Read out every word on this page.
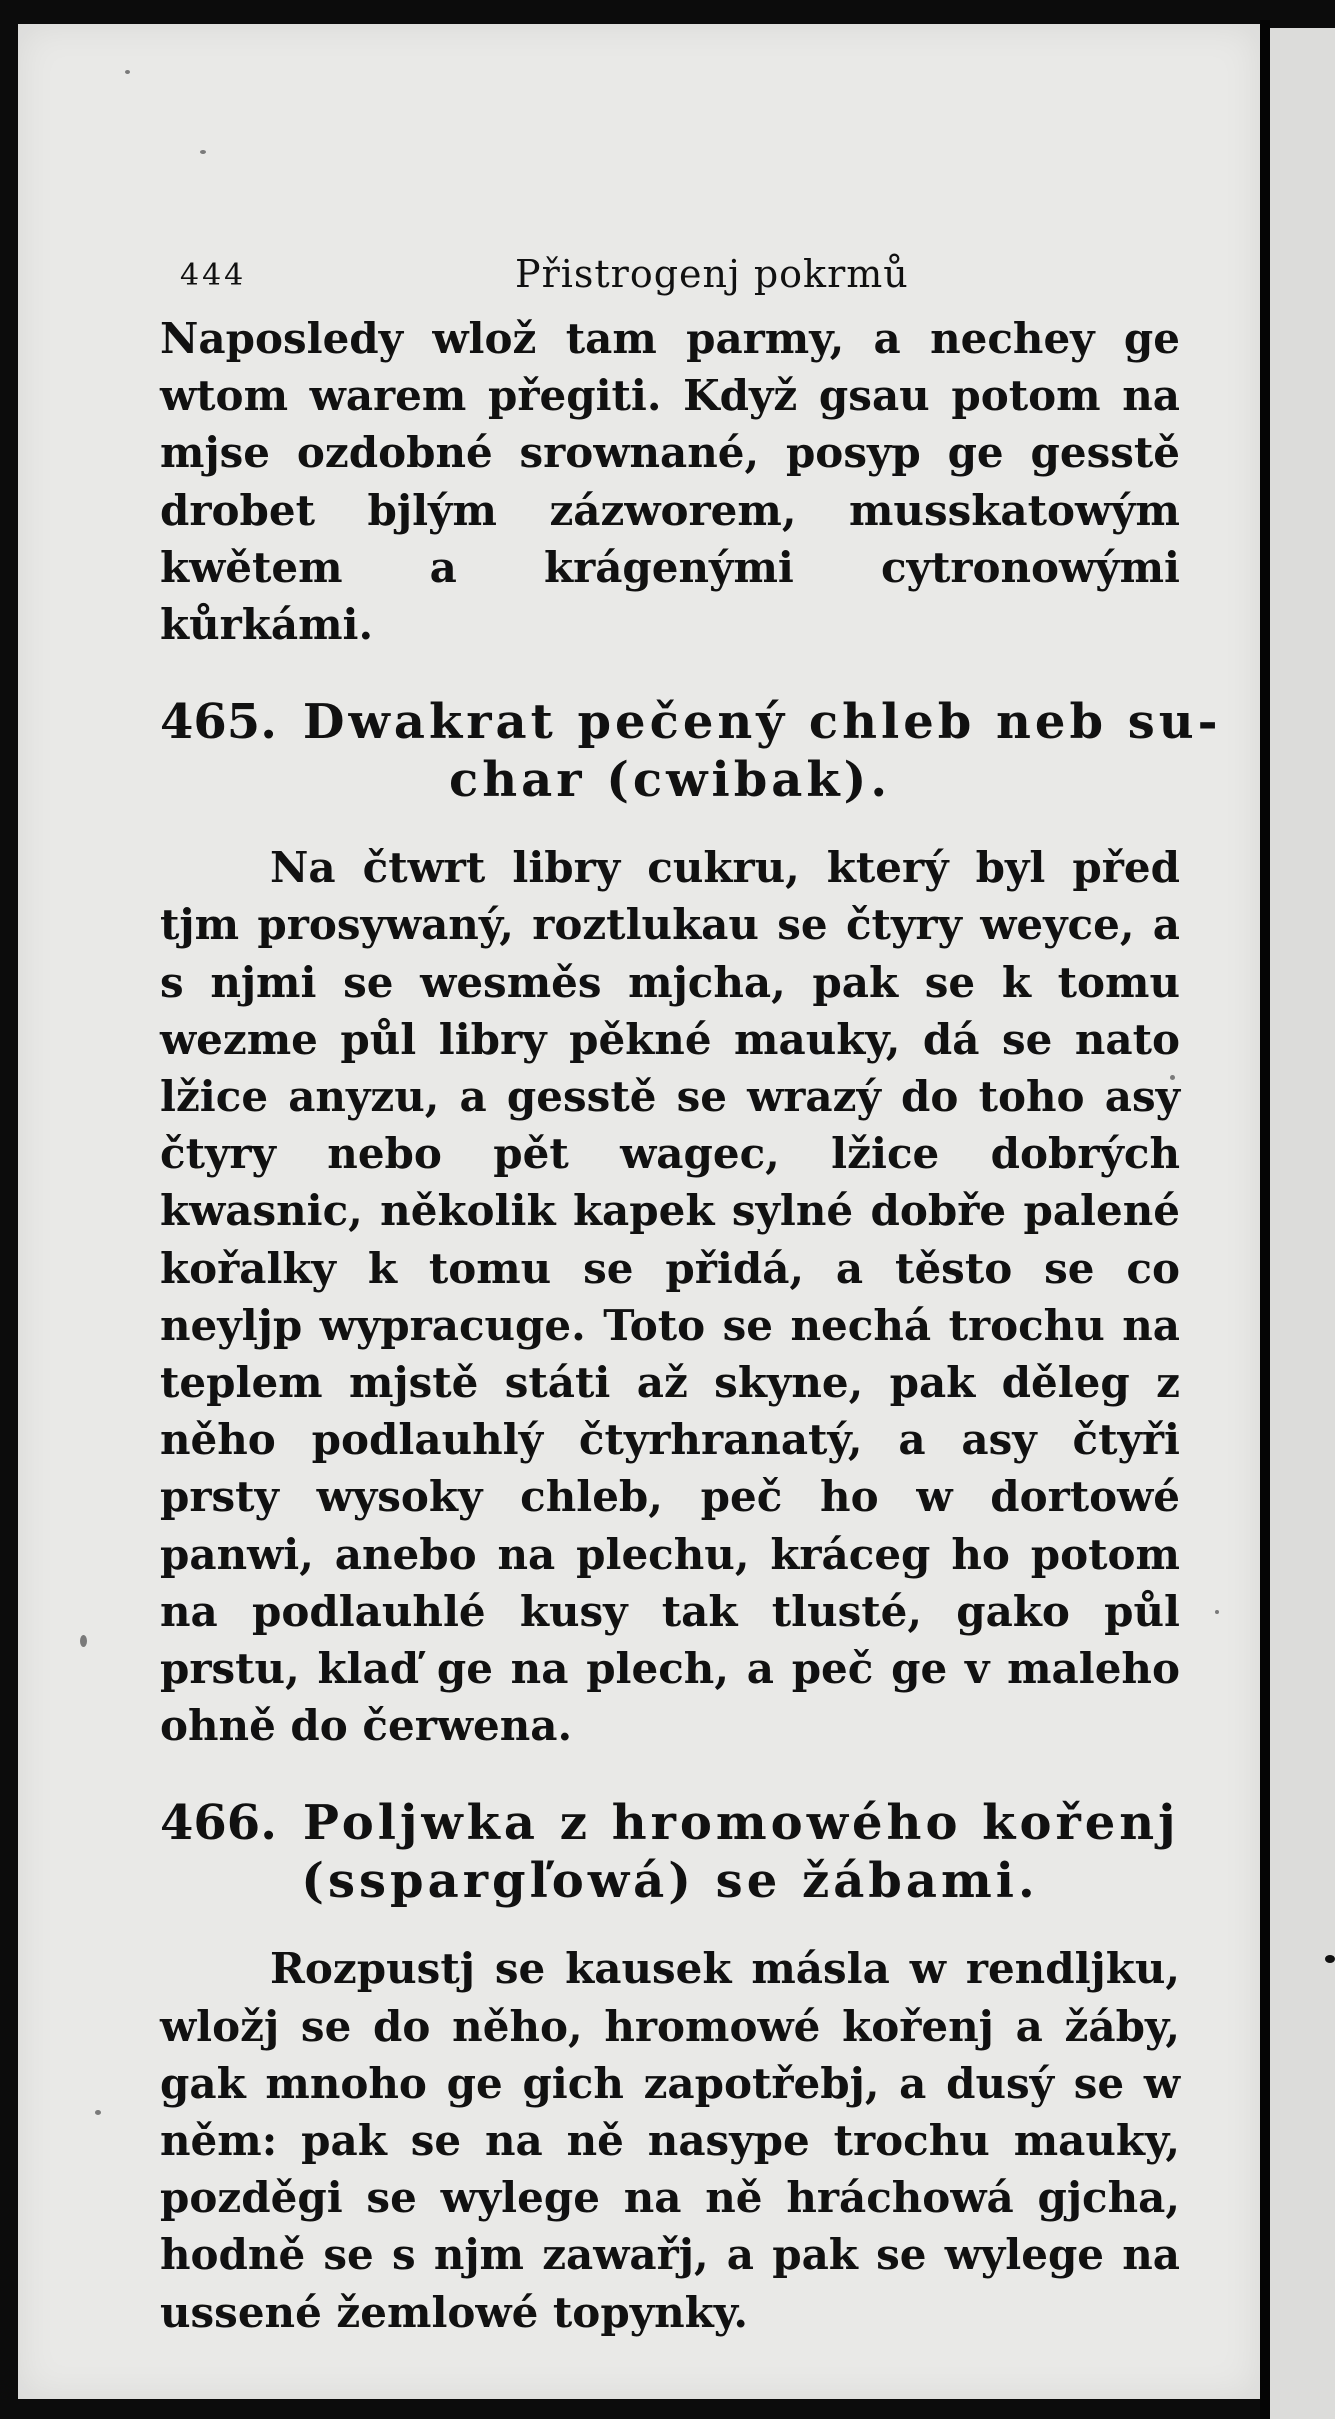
444	Přistrogenj pokrmů

Naposledy wlož tam parmy, a nechey ge wtom warem přegiti. Když gsau potom na mjse ozdobné srownané, posyp ge gesstě drobet bjlým zázworem, musskatowým kwětem a krágenými cytronowými kůrkámi.

465. Dwakrat pečený chleb neb su-
char (cwibak).

Na čtwrt libry cukru, který byl před tjm prosywaný, roztlukau se čtyry weyce, a s njmi se wesměs mjcha, pak se k tomu wezme půl libry pěkné mauky, dá se nato lžice anyzu, a gesstě se wrazý do toho asy čtyry nebo pět wagec, lžice dobrých kwasnic, několik kapek sylné dobře palené kořalky k tomu se přidá, a těsto se co neyljp wypracuge. Toto se nechá trochu na teplem mjstě státi až skyne, pak děleg z něho podlauhlý čtyrhranatý, a asy čtyři prsty wysoky chleb, peč ho w dortowé panwi, anebo na plechu, kráceg ho potom na podlauhlé kusy tak tlusté, gako půl prstu, klaď ge na plech, a peč ge v maleho ohně do čerwena.

466. Poljwka z hromowého kořenj
(sspargľowá) se žábami.

Rozpustj se kausek másla w rendljku, wložj se do něho, hromowé kořenj a žáby, gak mnoho ge gich zapotřebj, a dusý se w něm: pak se na ně nasype trochu mauky, pozděgi se wylege na ně hráchowá gjcha, hodně se s njm zawařj, a pak se wylege na ussené žemlowé topynky.
